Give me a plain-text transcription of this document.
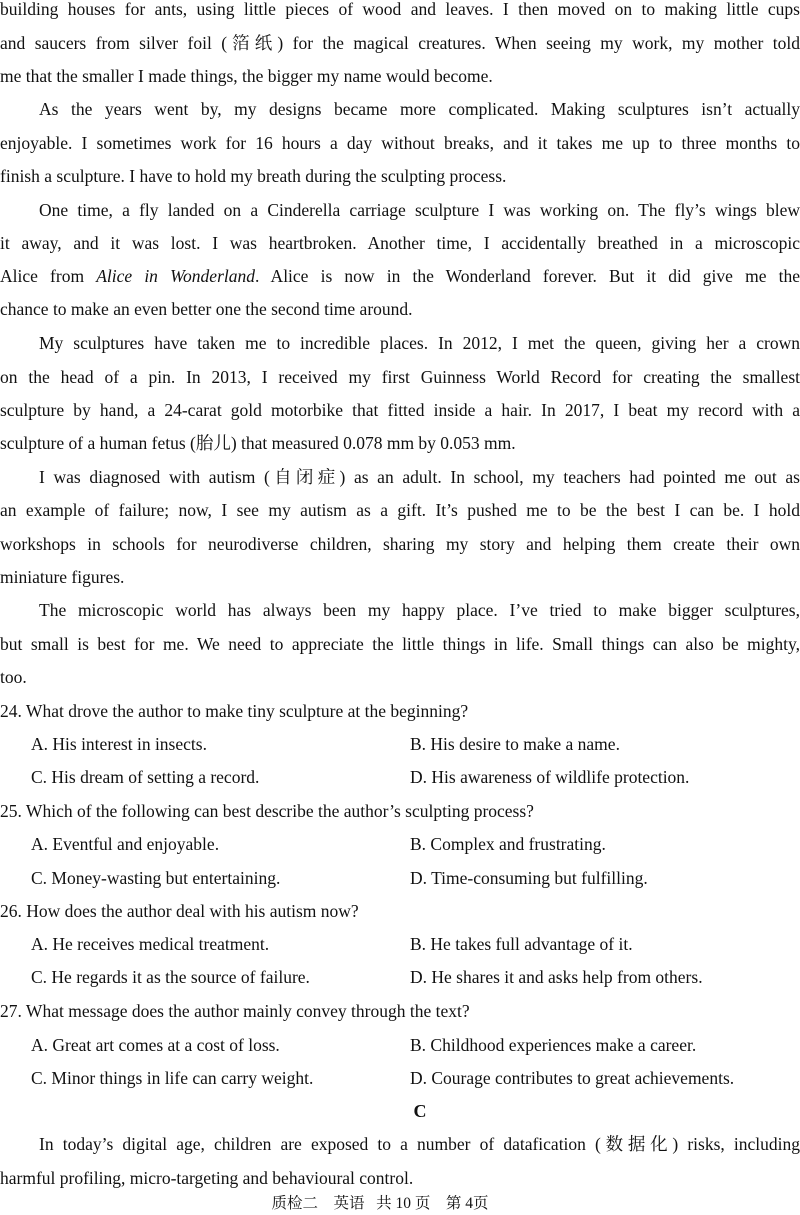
building houses for ants, using little pieces of wood and leaves. I then moved on to making little cups
and saucers from silver foil (箔纸) for the magical creatures. When seeing my work, my mother told
me that the smaller I made things, the bigger my name would become.
As the years went by, my designs became more complicated. Making sculptures isn’t actually
enjoyable. I sometimes work for 16 hours a day without breaks, and it takes me up to three months to
finish a sculpture. I have to hold my breath during the sculpting process.
One time, a fly landed on a Cinderella carriage sculpture I was working on. The fly’s wings blew
it away, and it was lost. I was heartbroken. Another time, I accidentally breathed in a microscopic
Alice from Alice in Wonderland. Alice is now in the Wonderland forever. But it did give me the
chance to make an even better one the second time around.
My sculptures have taken me to incredible places. In 2012, I met the queen, giving her a crown
on the head of a pin. In 2013, I received my first Guinness World Record for creating the smallest
sculpture by hand, a 24-carat gold motorbike that fitted inside a hair. In 2017, I beat my record with a
sculpture of a human fetus (胎儿) that measured 0.078 mm by 0.053 mm.
I was diagnosed with autism (自闭症) as an adult. In school, my teachers had pointed me out as
an example of failure; now, I see my autism as a gift. It’s pushed me to be the best I can be. I hold
workshops in schools for neurodiverse children, sharing my story and helping them create their own
miniature figures.
The microscopic world has always been my happy place. I’ve tried to make bigger sculptures,
but small is best for me. We need to appreciate the little things in life. Small things can also be mighty,
too.
24. What drove the author to make tiny sculpture at the beginning?
A. His interest in insects.	B. His desire to make a name.
C. His dream of setting a record.	D. His awareness of wildlife protection.
25. Which of the following can best describe the author’s sculpting process?
A. Eventful and enjoyable.	B. Complex and frustrating.
C. Money-wasting but entertaining.	D. Time-consuming but fulfilling.
26. How does the author deal with his autism now?
A. He receives medical treatment.	B. He takes full advantage of it.
C. He regards it as the source of failure.	D. He shares it and asks help from others.
27. What message does the author mainly convey through the text?
A. Great art comes at a cost of loss.	B. Childhood experiences make a career.
C. Minor things in life can carry weight.	D. Courage contributes to great achievements.
C
In today’s digital age, children are exposed to a number of datafication (数据化) risks, including
harmful profiling, micro-targeting and behavioural control.
质检二    英语   共 10 页    第 4页
